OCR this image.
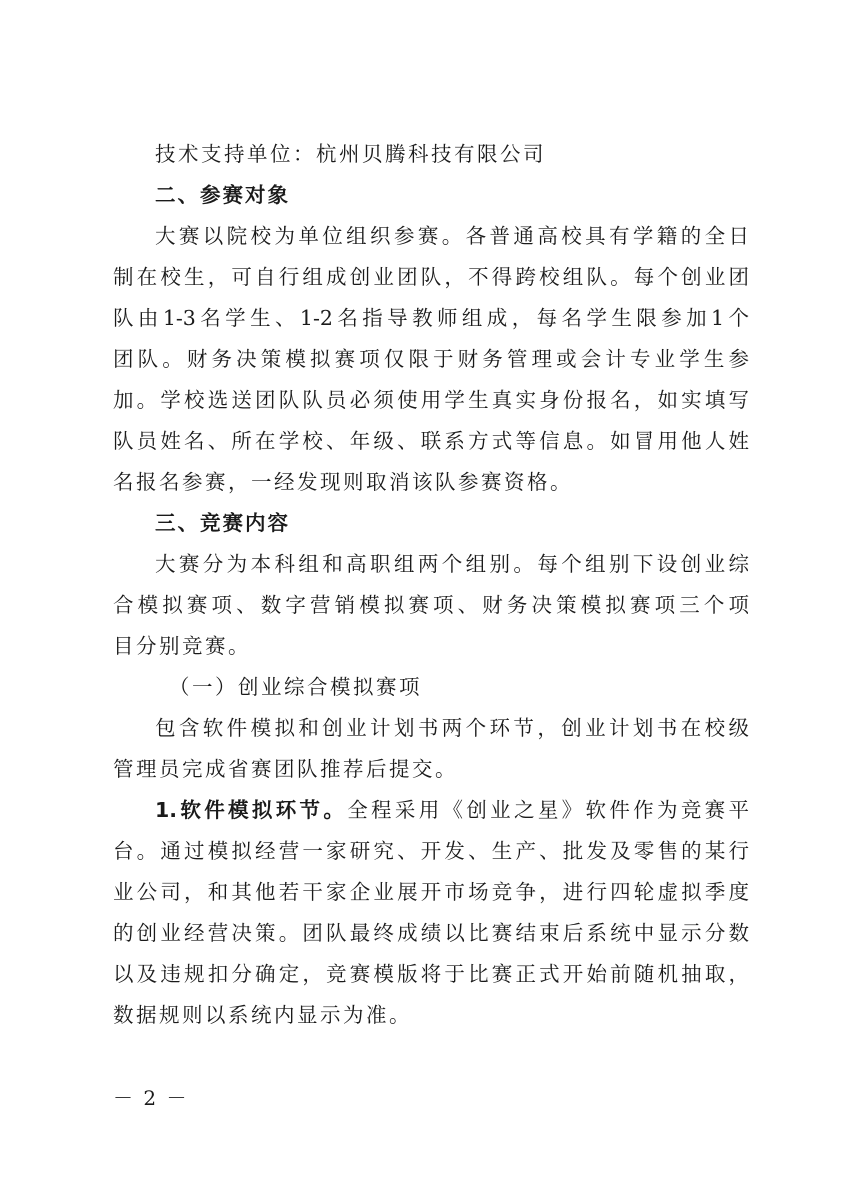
技术支持单位：杭州贝腾科技有限公司
二、参赛对象
大赛以院校为单位组织参赛。各普通高校具有学籍的全日
制在校生，可自行组成创业团队，不得跨校组队。每个创业团
队由1-3名学生、1-2名指导教师组成，每名学生限参加1个
团队。财务决策模拟赛项仅限于财务管理或会计专业学生参
加。学校选送团队队员必须使用学生真实身份报名，如实填写
队员姓名、所在学校、年级、联系方式等信息。如冒用他人姓
名报名参赛，一经发现则取消该队参赛资格。
三、竞赛内容
大赛分为本科组和高职组两个组别。每个组别下设创业综
合模拟赛项、数字营销模拟赛项、财务决策模拟赛项三个项
目分别竞赛。
（一）创业综合模拟赛项
包含软件模拟和创业计划书两个环节，创业计划书在校级
管理员完成省赛团队推荐后提交。
1.软件模拟环节。全程采用《创业之星》软件作为竞赛平
台。通过模拟经营一家研究、开发、生产、批发及零售的某行
业公司，和其他若干家企业展开市场竞争，进行四轮虚拟季度
的创业经营决策。团队最终成绩以比赛结束后系统中显示分数
以及违规扣分确定，竞赛模版将于比赛正式开始前随机抽取，
数据规则以系统内显示为准。
－ 2 －
